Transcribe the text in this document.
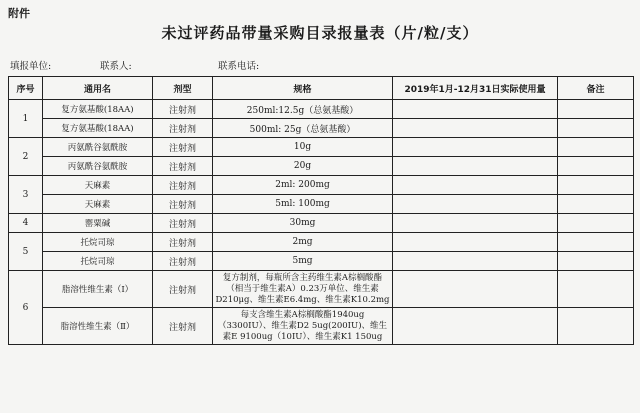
附件
未过评药品带量采购目录报量表（片/粒/支）
填报单位:	联系人:	联系电话:
序号	通用名	剂型	规格	2019年1月-12月31日实际使用量	备注
1	复方氨基酸(18AA)	注射剂	250ml:12.5g（总氨基酸）		
	复方氨基酸(18AA)	注射剂	500ml: 25g（总氨基酸）		
2	丙氨酰谷氨酰胺	注射剂	10g		
	丙氨酰谷氨酰胺	注射剂	20g		
3	天麻素	注射剂	2ml: 200mg		
	天麻素	注射剂	5ml: 100mg		
4	罂粟碱	注射剂	30mg		
5	托烷司琼	注射剂	2mg		
	托烷司琼	注射剂	5mg		
6	脂溶性维生素（Ⅰ）	注射剂	复方制剂，每瓶所含主药维生素A棕榈酸酯（相当于维生素A）0.23万单位、维生素D210μg、维生素E6.4mg、维生素K10.2mg		
	脂溶性维生素（Ⅱ）	注射剂	每支含维生素A棕榈酸酯1940ug（3300IU）、维生素D2 5ug(200IU)、维生素E 9100ug（10IU）、维生素K1 150ug		
